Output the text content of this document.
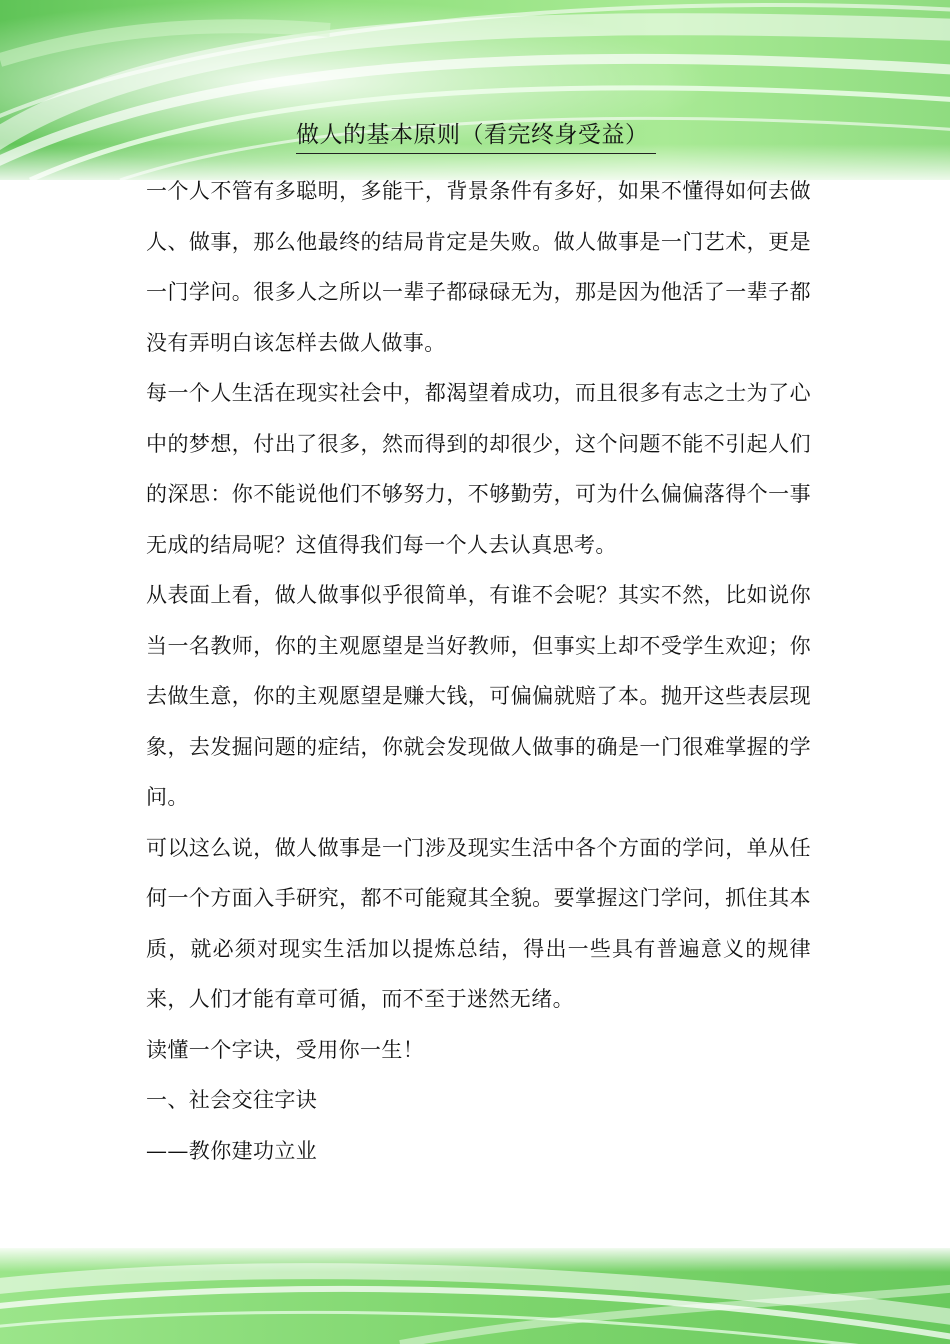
做人的基本原则（看完终身受益）

一个人不管有多聪明，多能干，背景条件有多好，如果不懂得如何去做人、做事，那么他最终的结局肯定是失败。做人做事是一门艺术，更是一门学问。很多人之所以一辈子都碌碌无为，那是因为他活了一辈子都没有弄明白该怎样去做人做事。

每一个人生活在现实社会中，都渴望着成功，而且很多有志之士为了心中的梦想，付出了很多，然而得到的却很少，这个问题不能不引起人们的深思：你不能说他们不够努力，不够勤劳，可为什么偏偏落得个一事无成的结局呢？这值得我们每一个人去认真思考。

从表面上看，做人做事似乎很简单，有谁不会呢？其实不然，比如说你当一名教师，你的主观愿望是当好教师，但事实上却不受学生欢迎；你去做生意，你的主观愿望是赚大钱，可偏偏就赔了本。抛开这些表层现象，去发掘问题的症结，你就会发现做人做事的确是一门很难掌握的学问。

可以这么说，做人做事是一门涉及现实生活中各个方面的学问，单从任何一个方面入手研究，都不可能窥其全貌。要掌握这门学问，抓住其本质，就必须对现实生活加以提炼总结，得出一些具有普遍意义的规律来，人们才能有章可循，而不至于迷然无绪。

读懂一个字诀，受用你一生！

一、社会交往字诀

——教你建功立业
